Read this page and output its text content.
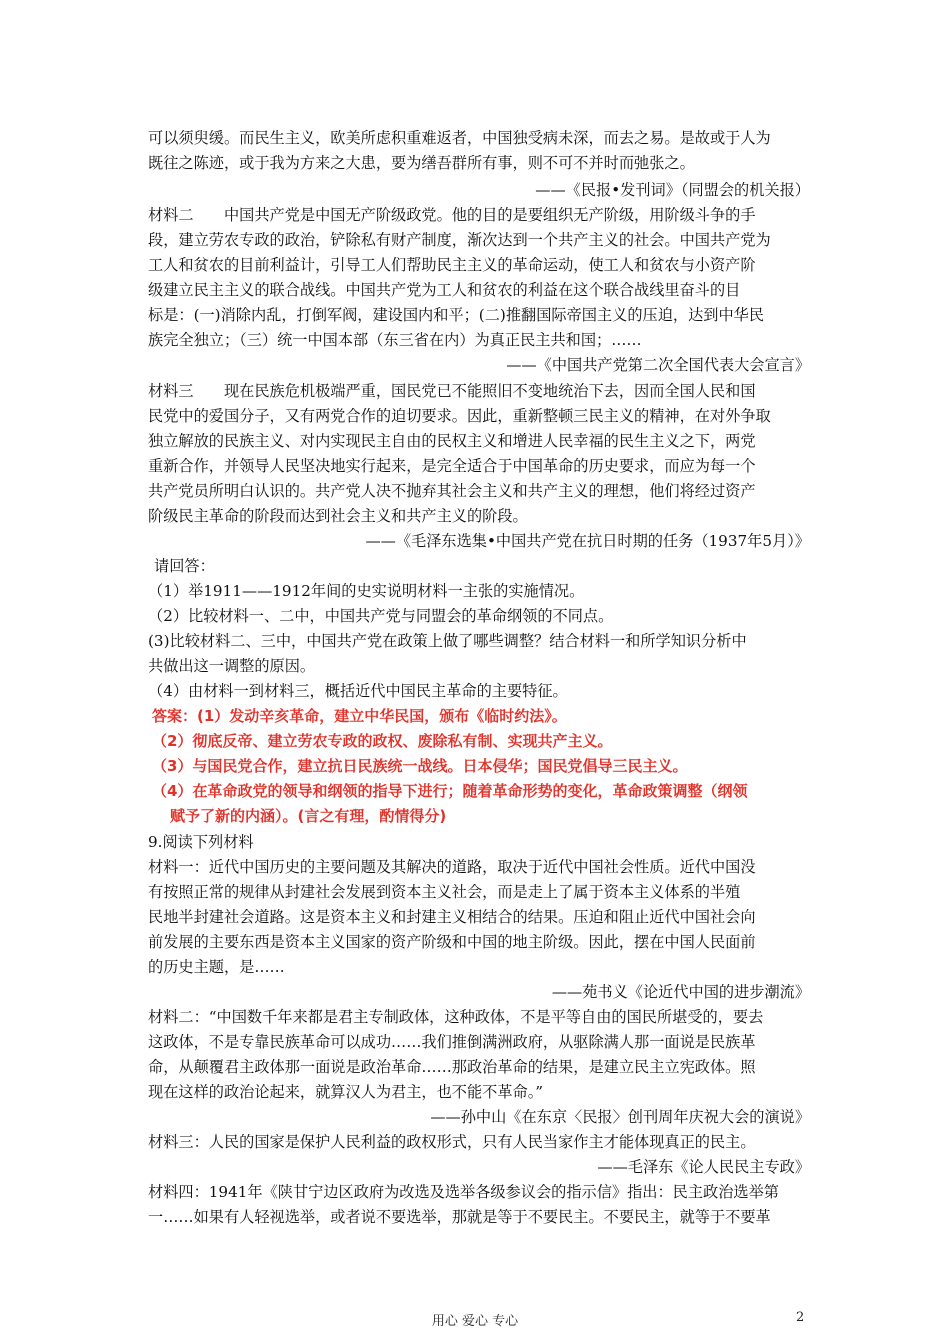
可以须臾缓。而民生主义，欧美所虑积重难返者，中国独受病未深，而去之易。是故或于人为
既往之陈迹，或于我为方来之大患，要为缮吾群所有事，则不可不并时而弛张之。
——《民报•发刊词》（同盟会的机关报）
材料二　　中国共产党是中国无产阶级政党。他的目的是要组织无产阶级，用阶级斗争的手
段，建立劳农专政的政治，铲除私有财产制度，渐次达到一个共产主义的社会。中国共产党为
工人和贫农的目前利益计，引导工人们帮助民主主义的革命运动，使工人和贫农与小资产阶
级建立民主主义的联合战线。中国共产党为工人和贫农的利益在这个联合战线里奋斗的目
标是：(一)消除内乱，打倒军阀，建设国内和平；(二)推翻国际帝国主义的压迫，达到中华民
族完全独立；（三）统一中国本部（东三省在内）为真正民主共和国；……
——《中国共产党第二次全国代表大会宣言》
材料三　　现在民族危机极端严重，国民党已不能照旧不变地统治下去，因而全国人民和国
民党中的爱国分子，又有两党合作的迫切要求。因此，重新整顿三民主义的精神，在对外争取
独立解放的民族主义、对内实现民主自由的民权主义和增进人民幸福的民生主义之下，两党
重新合作，并领导人民坚决地实行起来，是完全适合于中国革命的历史要求，而应为每一个
共产党员所明白认识的。共产党人决不抛弃其社会主义和共产主义的理想，他们将经过资产
阶级民主革命的阶段而达到社会主义和共产主义的阶段。
——《毛泽东选集•中国共产党在抗日时期的任务（1937年5月）》
请回答：
（1）举1911——1912年间的史实说明材料一主张的实施情况。
（2）比较材料一、二中，中国共产党与同盟会的革命纲领的不同点。
(3)比较材料二、三中，中国共产党在政策上做了哪些调整？结合材料一和所学知识分析中
共做出这一调整的原因。
（4）由材料一到材料三，概括近代中国民主革命的主要特征。
答案：(1）发动辛亥革命，建立中华民国，颁布《临时约法》。
（2）彻底反帝、建立劳农专政的政权、废除私有制、实现共产主义。
（3）与国民党合作，建立抗日民族统一战线。日本侵华；国民党倡导三民主义。
（4）在革命政党的领导和纲领的指导下进行；随着革命形势的变化，革命政策调整（纲领
赋予了新的内涵）。(言之有理，酌情得分)
9.阅读下列材料
材料一：近代中国历史的主要问题及其解决的道路，取决于近代中国社会性质。近代中国没
有按照正常的规律从封建社会发展到资本主义社会，而是走上了属于资本主义体系的半殖
民地半封建社会道路。这是资本主义和封建主义相结合的结果。压迫和阻止近代中国社会向
前发展的主要东西是资本主义国家的资产阶级和中国的地主阶级。因此，摆在中国人民面前
的历史主题，是……
——苑书义《论近代中国的进步潮流》
材料二：“中国数千年来都是君主专制政体，这种政体，不是平等自由的国民所堪受的，要去
这政体，不是专靠民族革命可以成功……我们推倒满洲政府，从驱除满人那一面说是民族革
命，从颠覆君主政体那一面说是政治革命……那政治革命的结果，是建立民主立宪政体。照
现在这样的政治论起来，就算汉人为君主，也不能不革命。”
——孙中山《在东京〈民报〉创刊周年庆祝大会的演说》
材料三：人民的国家是保护人民利益的政权形式，只有人民当家作主才能体现真正的民主。
——毛泽东《论人民民主专政》
材料四：1941年《陕甘宁边区政府为改选及选举各级参议会的指示信》指出：民主政治选举第
一……如果有人轻视选举，或者说不要选举，那就是等于不要民主。不要民主，就等于不要革
用心 爱心 专心	2
